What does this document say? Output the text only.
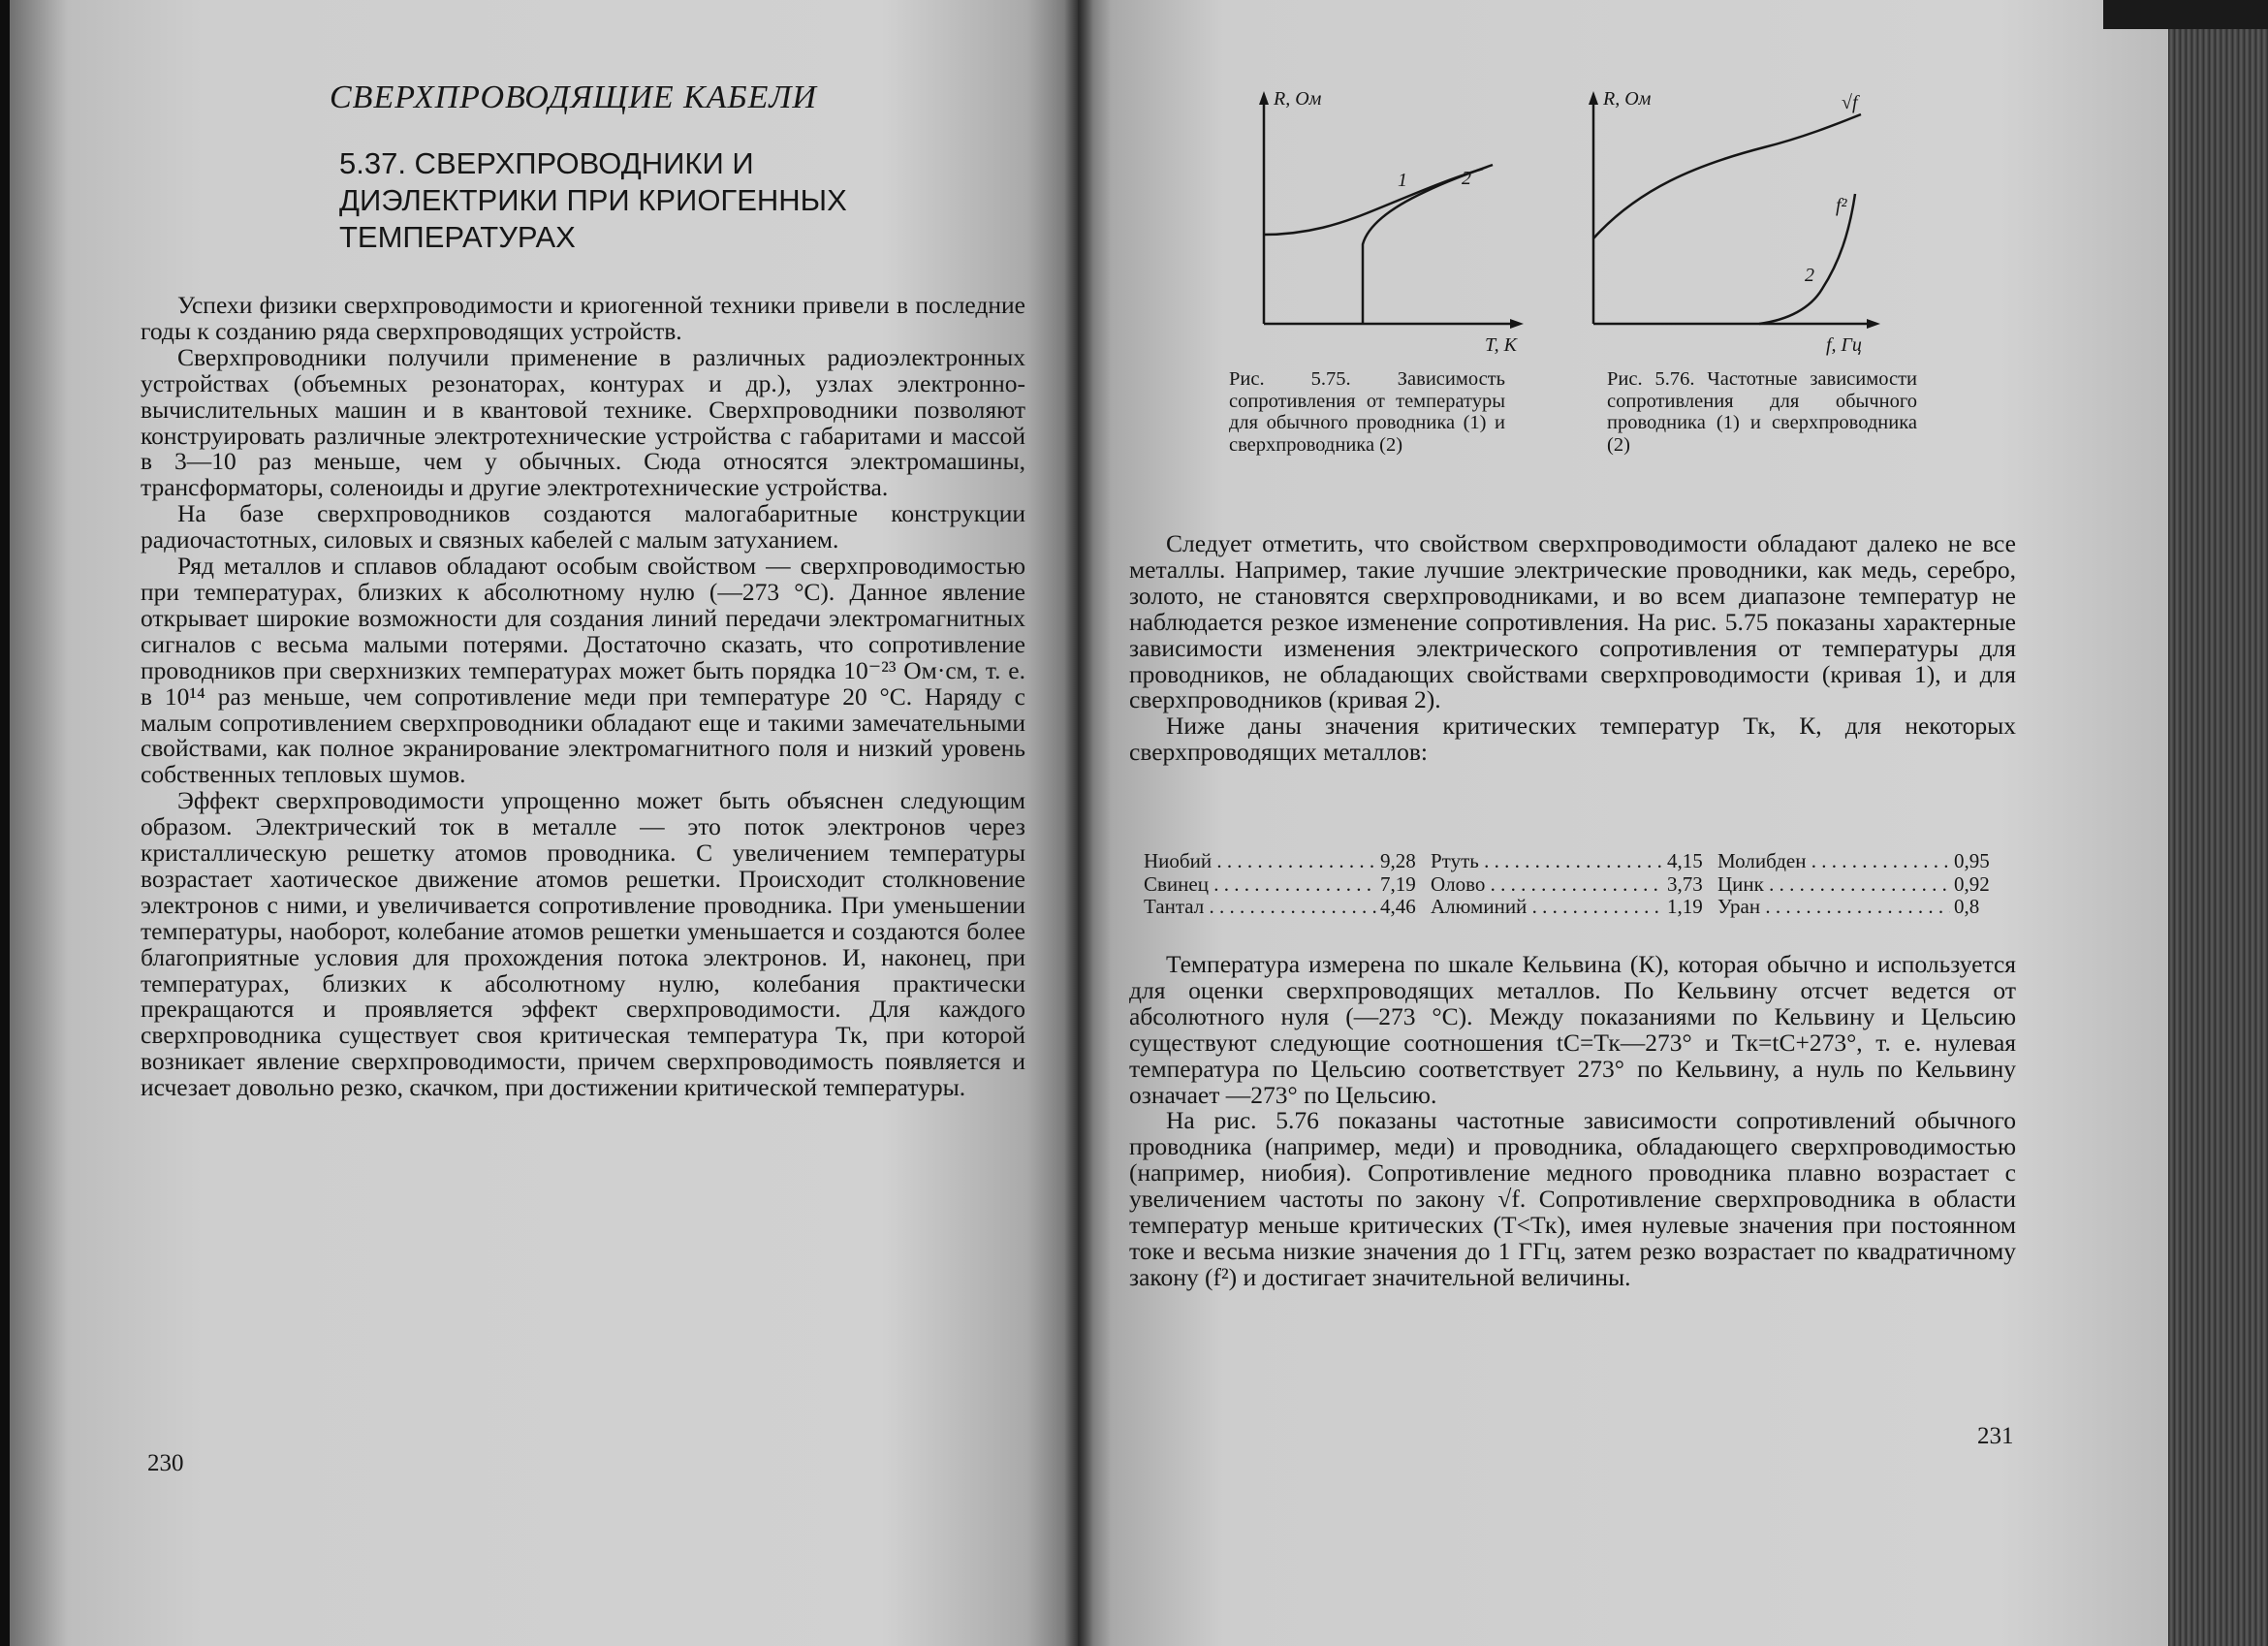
СВЕРХПРОВОДЯЩИЕ КАБЕЛИ
5.37. СВЕРХПРОВОДНИКИ И ДИЭЛЕКТРИКИ ПРИ КРИОГЕННЫХ ТЕМПЕРАТУРАХ

Успехи физики сверхпроводимости и криогенной техники привели в последние годы к созданию ряда сверхпроводящих устройств.

Сверхпроводники получили применение в различных радиоэлектронных устройствах (объемных резонаторах, контурах и др.), узлах электронно-вычислительных машин и в квантовой технике. Сверхпроводники позволяют конструировать различные электротехнические устройства с габаритами и массой в 3—10 раз меньше, чем у обычных. Сюда относятся электромашины, трансформаторы, соленоиды и другие электротехнические устройства.

На базе сверхпроводников создаются малогабаритные конструкции радиочастотных, силовых и связных кабелей с малым затуханием.

Ряд металлов и сплавов обладают особым свойством — сверхпроводимостью при температурах, близких к абсолютному нулю (—273 °С). Данное явление открывает широкие возможности для создания линий передачи электромагнитных сигналов с весьма малыми потерями. Достаточно сказать, что сопротивление проводников при сверхнизких температурах может быть порядка 10⁻²³ Ом·см, т. е. в 10¹⁴ раз меньше, чем сопротивление меди при температуре 20 °С. Наряду с малым сопротивлением сверхпроводники обладают еще и такими замечательными свойствами, как полное экранирование электромагнитного поля и низкий уровень собственных тепловых шумов.

Эффект сверхпроводимости упрощенно может быть объяснен следующим образом. Электрический ток в металле — это поток электронов через кристаллическую решетку атомов проводника. С увеличением температуры возрастает хаотическое движение атомов решетки. Происходит столкновение электронов с ними, и увеличивается сопротивление проводника. При уменьшении температуры, наоборот, колебание атомов решетки уменьшается и создаются более благоприятные условия для прохождения потока электронов. И, наконец, при температурах, близких к абсолютному нулю, колебания практически прекращаются и проявляется эффект сверхпроводимости. Для каждого сверхпроводника существует своя критическая температура Тк, при которой возникает явление сверхпроводимости, причем сверхпроводимость появляется и исчезает довольно резко, скачком, при достижении критической температуры.

230
R, Ом
T, К
1	2
Рис. 5.75. Зависимость сопротивления от температуры для обычного проводника (1) и сверхпроводника (2)
R, Ом
f, Гц
√f
f²
2
Рис. 5.76. Частотные зависимости сопротивления для обычного проводника (1) и сверхпроводника (2)

Следует отметить, что свойством сверхпроводимости обладают далеко не все металлы. Например, такие лучшие электрические проводники, как медь, серебро, золото, не становятся сверхпроводниками, и во всем диапазоне температур не наблюдается резкое изменение сопротивления. На рис. 5.75 показаны характерные зависимости изменения электрического сопротивления от температуры для проводников, не обладающих свойствами сверхпроводимости (кривая 1), и для сверхпроводников (кривая 2).

Ниже даны значения критических температур Тк, К, для некоторых сверхпроводящих металлов:

Ниобий . . .	9,28 Ртуть . . .	4,15 Молибден . . .	0,95
Свинец . . .	7,19 Олово . . .	3,73 Цинк . . .	0,92
Тантал . . .	4,46 Алюминий . . .	1,19 Уран . . .	0,8

Температура измерена по шкале Кельвина (К), которая обычно и используется для оценки сверхпроводящих металлов. По Кельвину отсчет ведется от абсолютного нуля (—273 °С). Между показаниями по Кельвину и Цельсию существуют следующие соотношения tС=Тк—273° и Тк=tС+273°, т. е. нулевая температура по Цельсию соответствует 273° по Кельвину, а нуль по Кельвину означает —273° по Цельсию.

На рис. 5.76 показаны частотные зависимости сопротивлений обычного проводника (например, меди) и проводника, обладающего сверхпроводимостью (например, ниобия). Сопротивление медного проводника плавно возрастает с увеличением частоты по закону √f. Сопротивление сверхпроводника в области температур меньше критических (Т<Тк), имея нулевые значения при постоянном токе и весьма низкие значения до 1 ГГц, затем резко возрастает по квадратичному закону (f²) и достигает значительной величины.

231
